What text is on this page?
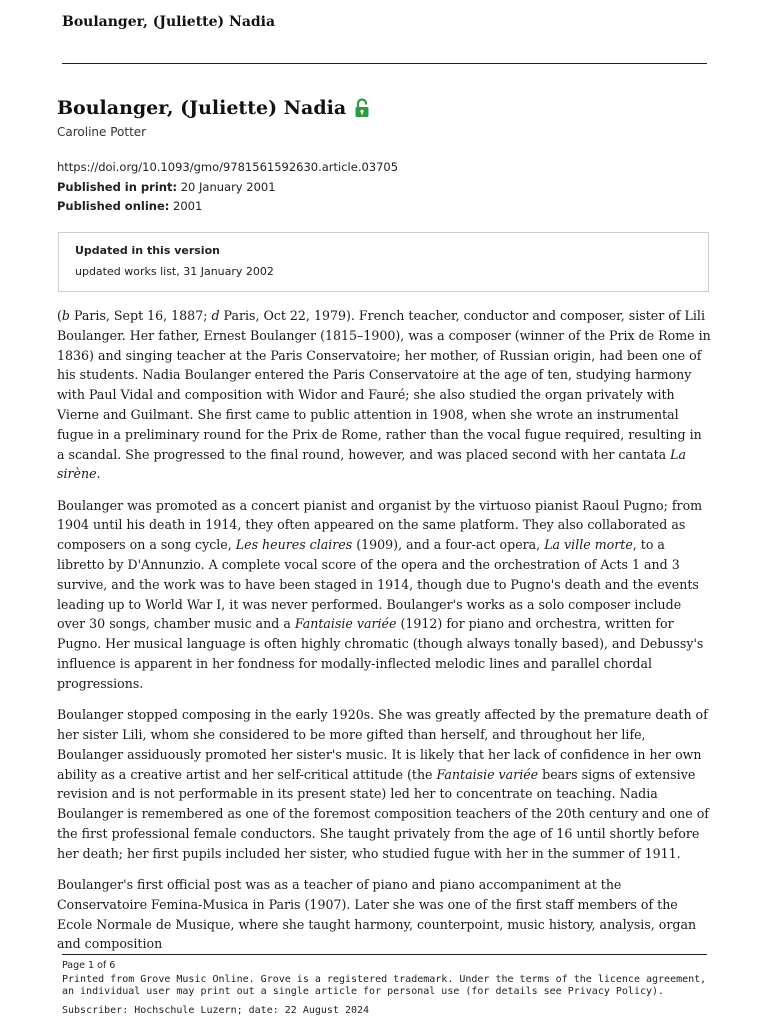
Boulanger, (Juliette) Nadia
Boulanger, (Juliette) Nadia
Caroline Potter
https://doi.org/10.1093/gmo/9781561592630.article.03705
Published in print: 20 January 2001
Published online: 2001
Updated in this version
updated works list, 31 January 2002

(b Paris, Sept 16, 1887; d Paris, Oct 22, 1979). French teacher, conductor and composer, sister of Lili Boulanger. Her father, Ernest Boulanger (1815–1900), was a composer (winner of the Prix de Rome in 1836) and singing teacher at the Paris Conservatoire; her mother, of Russian origin, had been one of his students. Nadia Boulanger entered the Paris Conservatoire at the age of ten, studying harmony with Paul Vidal and composition with Widor and Fauré; she also studied the organ privately with Vierne and Guilmant. She first came to public attention in 1908, when she wrote an instrumental fugue in a preliminary round for the Prix de Rome, rather than the vocal fugue required, resulting in a scandal. She progressed to the final round, however, and was placed second with her cantata La sirène.

Boulanger was promoted as a concert pianist and organist by the virtuoso pianist Raoul Pugno; from 1904 until his death in 1914, they often appeared on the same platform. They also collaborated as composers on a song cycle, Les heures claires (1909), and a four-act opera, La ville morte, to a libretto by D'Annunzio. A complete vocal score of the opera and the orchestration of Acts 1 and 3 survive, and the work was to have been staged in 1914, though due to Pugno's death and the events leading up to World War I, it was never performed. Boulanger's works as a solo composer include over 30 songs, chamber music and a Fantaisie variée (1912) for piano and orchestra, written for Pugno. Her musical language is often highly chromatic (though always tonally based), and Debussy's influence is apparent in her fondness for modally-inflected melodic lines and parallel chordal progressions.

Boulanger stopped composing in the early 1920s. She was greatly affected by the premature death of her sister Lili, whom she considered to be more gifted than herself, and throughout her life, Boulanger assiduously promoted her sister's music. It is likely that her lack of confidence in her own ability as a creative artist and her self-critical attitude (the Fantaisie variée bears signs of extensive revision and is not performable in its present state) led her to concentrate on teaching. Nadia Boulanger is remembered as one of the foremost composition teachers of the 20th century and one of the first professional female conductors. She taught privately from the age of 16 until shortly before her death; her first pupils included her sister, who studied fugue with her in the summer of 1911.

Boulanger's first official post was as a teacher of piano and piano accompaniment at the Conservatoire Femina-Musica in Paris (1907). Later she was one of the first staff members of the Ecole Normale de Musique, where she taught harmony, counterpoint, music history, analysis, organ and composition

Page 1 of 6
Printed from Grove Music Online. Grove is a registered trademark. Under the terms of the licence agreement, an individual user may print out a single article for personal use (for details see Privacy Policy).
Subscriber: Hochschule Luzern; date: 22 August 2024
